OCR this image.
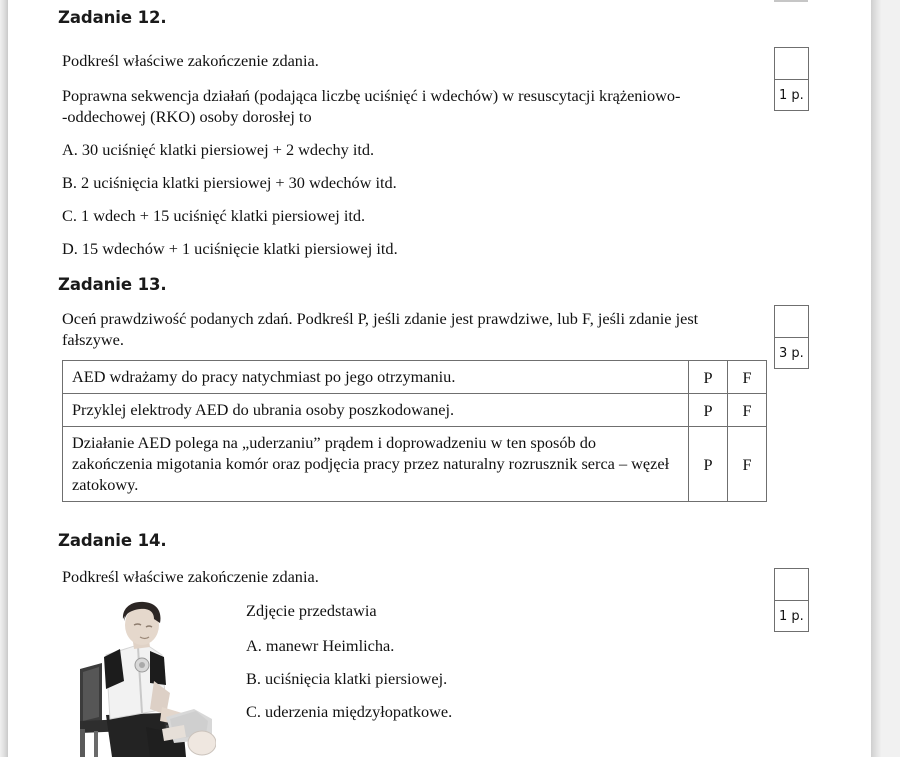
Zadanie 12.
Podkreśl właściwe zakończenie zdania.
Poprawna sekwencja działań (podająca liczbę uciśnięć i wdechów) w resuscytacji krążeniowo-
-oddechowej (RKO) osoby dorosłej to
A. 30 uciśnięć klatki piersiowej + 2 wdechy itd.
B. 2 uciśnięcia klatki piersiowej + 30 wdechów itd.
C. 1 wdech + 15 uciśnięć klatki piersiowej itd.
D. 15 wdechów + 1 uciśnięcie klatki piersiowej itd.
1 p.
Zadanie 13.
Oceń prawdziwość podanych zdań. Podkreśl P, jeśli zdanie jest prawdziwe, lub F, jeśli zdanie jest
fałszywe.
3 p.
AED wdrażamy do pracy natychmiast po jego otrzymaniu.	P	F
Przyklej elektrody AED do ubrania osoby poszkodowanej.	P	F
Działanie AED polega na „uderzaniu” prądem i doprowadzeniu w ten sposób do zakończenia migotania komór oraz podjęcia pracy przez naturalny rozrusznik serca – węzeł zatokowy.	P	F
Zadanie 14.
Podkreśl właściwe zakończenie zdania.
1 p.
Zdjęcie przedstawia
A. manewr Heimlicha.
B. uciśnięcia klatki piersiowej.
C. uderzenia międzyłopatkowe.
